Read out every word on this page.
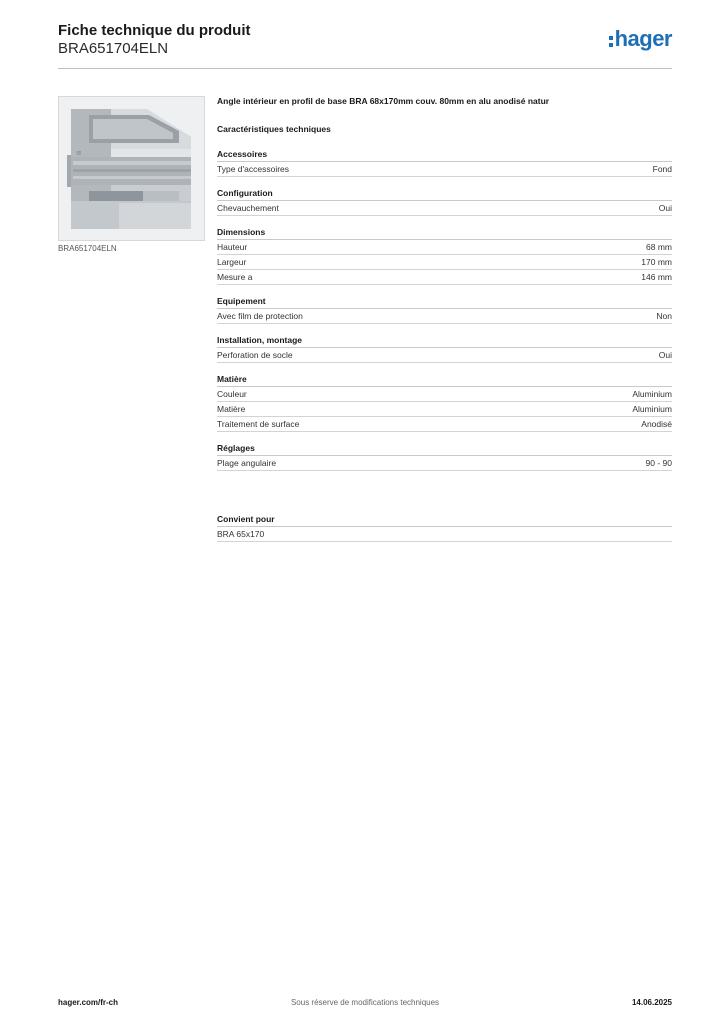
Fiche technique du produit
BRA651704ELN	hager
≡
BRA651704ELN
Angle intérieur en profil de base BRA 68x170mm couv. 80mm en alu anodisé natur
Caractéristiques techniques
Accessoires
Type d'accessoires	Fond
Configuration
Chevauchement	Oui
Dimensions
Hauteur	68 mm
Largeur	170 mm
Mesure a	146 mm
Equipement
Avec film de protection	Non
Installation, montage
Perforation de socle	Oui
Matière
Couleur	Aluminium
Matière	Aluminium
Traitement de surface	Anodisé
Réglages
Plage angulaire	90 - 90
Convient pour
BRA 65x170
hager.com/fr-ch	Sous réserve de modifications techniques	14.06.2025
